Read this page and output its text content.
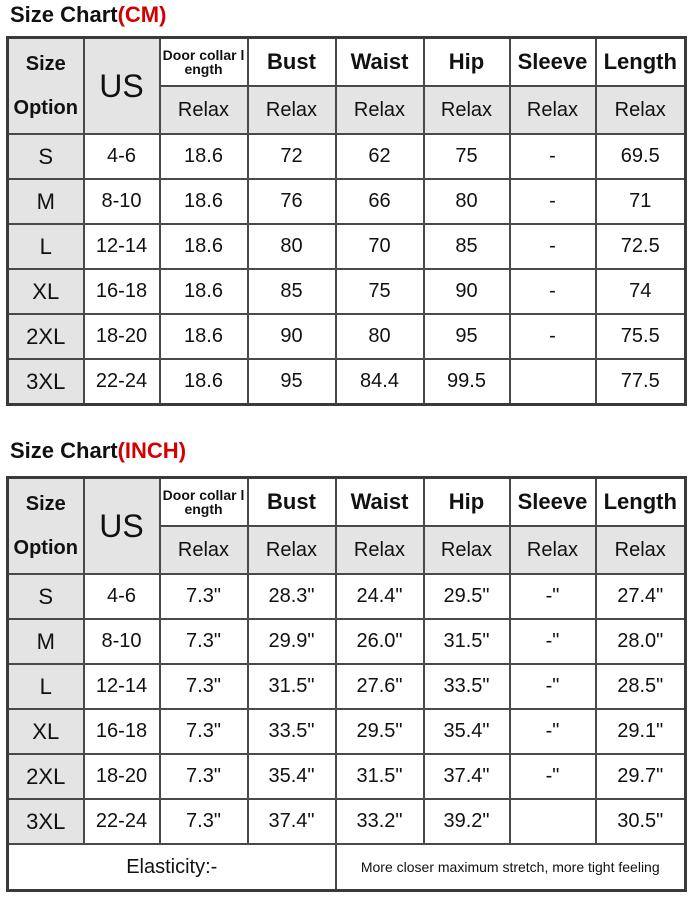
Size Chart(CM)
Size
Option	US	Door collar l ength	Bust	Waist	Hip	Sleeve	Length
		Relax	Relax	Relax	Relax	Relax	Relax
S	4-6	18.6	72	62	75	-	69.5
M	8-10	18.6	76	66	80	-	71
L	12-14	18.6	80	70	85	-	72.5
XL	16-18	18.6	85	75	90	-	74
2XL	18-20	18.6	90	80	95	-	75.5
3XL	22-24	18.6	95	84.4	99.5		77.5
Size Chart(INCH)
Size
Option	US	Door collar l ength	Bust	Waist	Hip	Sleeve	Length
		Relax	Relax	Relax	Relax	Relax	Relax
S	4-6	7.3"	28.3"	24.4"	29.5"	-"	27.4"
M	8-10	7.3"	29.9"	26.0"	31.5"	-"	28.0"
L	12-14	7.3"	31.5"	27.6"	33.5"	-"	28.5"
XL	16-18	7.3"	33.5"	29.5"	35.4"	-"	29.1"
2XL	18-20	7.3"	35.4"	31.5"	37.4"	-"	29.7"
3XL	22-24	7.3"	37.4"	33.2"	39.2"		30.5"
Elasticity:-				More closer maximum stretch, more tight feeling			
